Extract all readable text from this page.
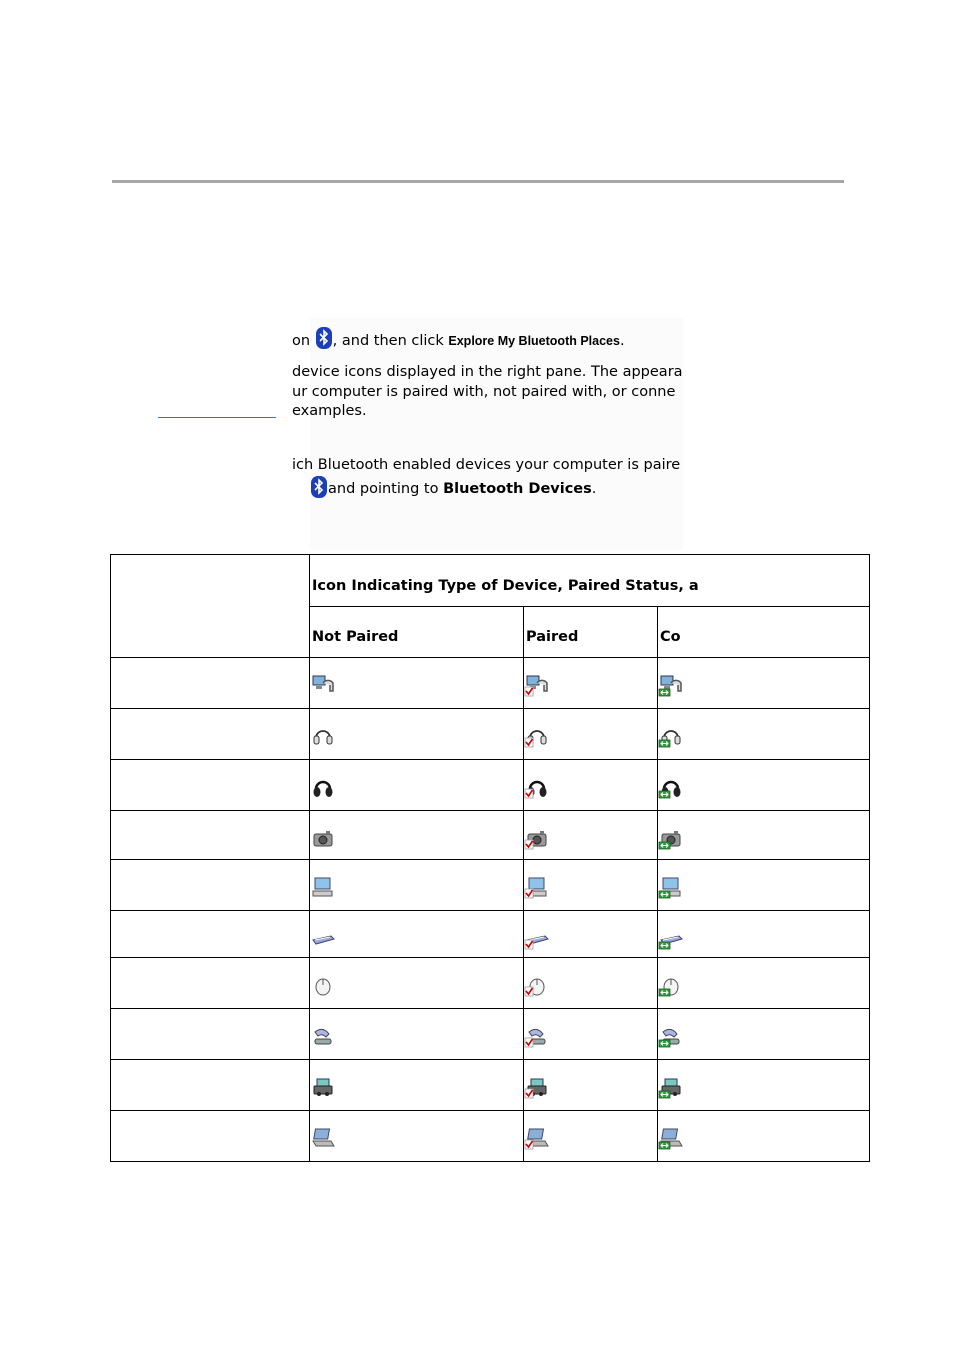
on , and then click Explore My Bluetooth Places.
device icons displayed in the right pane. The appeara
ur computer is paired with, not paired with, or conne
examples.
ich Bluetooth enabled devices your computer is paire
and pointing to Bluetooth Devices.
Icon Indicating Type of Device, Paired Status, a
Not Paired	Paired	Co
